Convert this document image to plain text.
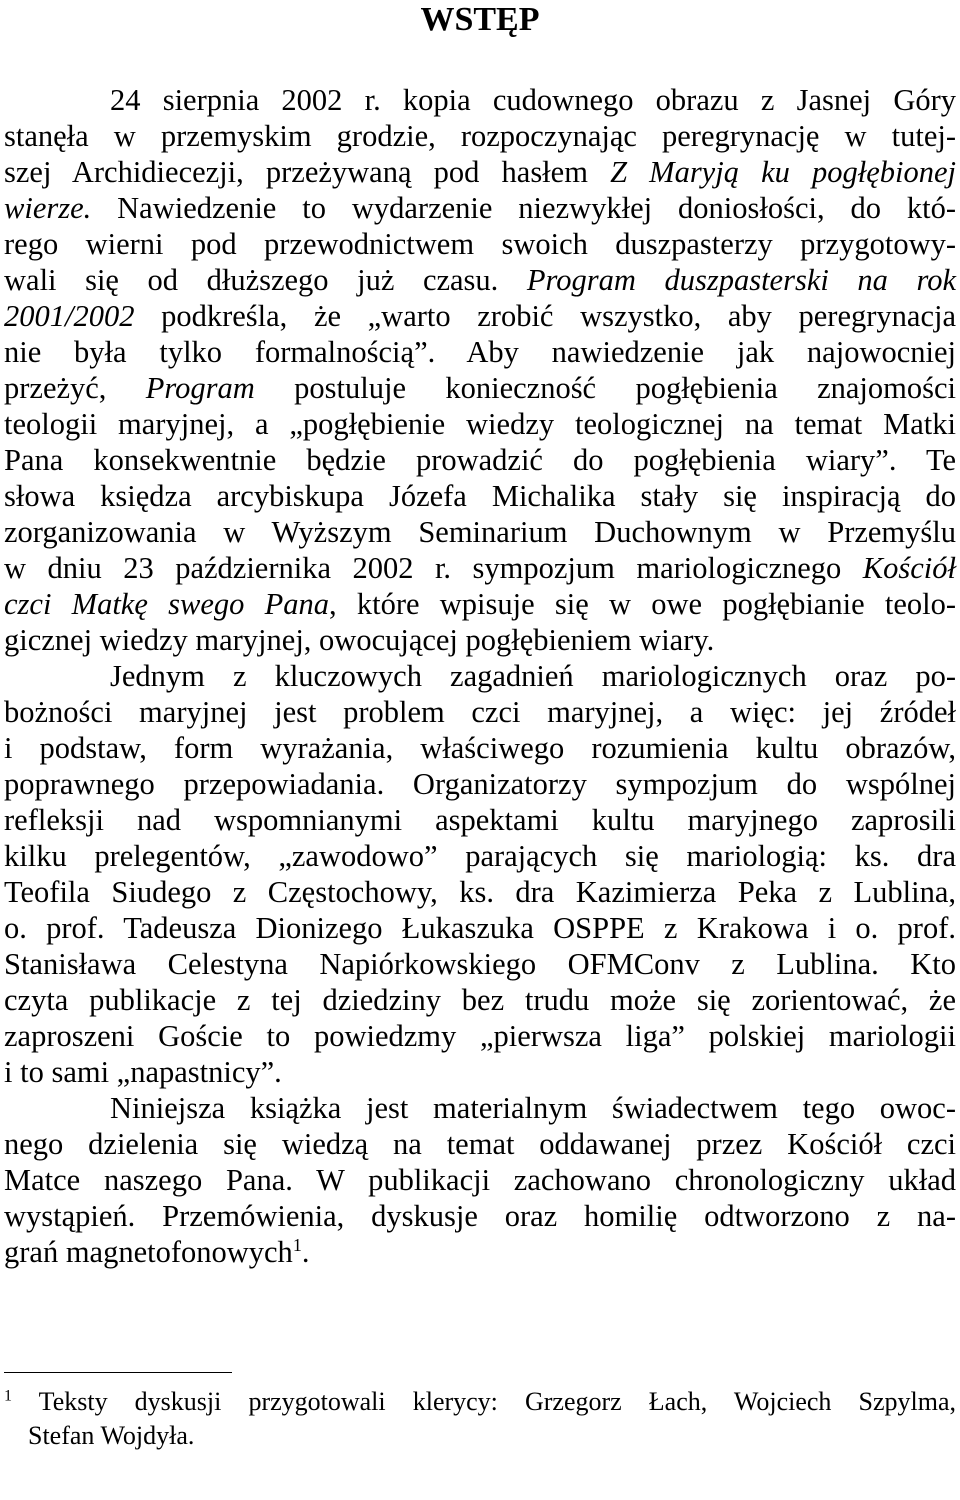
WSTĘP

24 sierpnia 2002 r. kopia cudownego obrazu z Jasnej Góry

stanęła w przemyskim grodzie, rozpoczynając peregrynację w tutej-

szej Archidiecezji, przeżywaną pod hasłem Z Maryją ku pogłębionej

wierze. Nawiedzenie to wydarzenie niezwykłej doniosłości, do któ-

rego wierni pod przewodnictwem swoich duszpasterzy przygotowy-

wali się od dłuższego już czasu. Program duszpasterski na rok

2001/2002 podkreśla, że „warto zrobić wszystko, aby peregrynacja

nie była tylko formalnością”. Aby nawiedzenie jak najowocniej

przeżyć, Program postuluje konieczność pogłębienia znajomości

teologii maryjnej, a „pogłębienie wiedzy teologicznej na temat Matki

Pana konsekwentnie będzie prowadzić do pogłębienia wiary”. Te

słowa księdza arcybiskupa Józefa Michalika stały się inspiracją do

zorganizowania w Wyższym Seminarium Duchownym w Przemyślu

w dniu 23 października 2002 r. sympozjum mariologicznego Kościół

czci Matkę swego Pana, które wpisuje się w owe pogłębianie teolo-

gicznej wiedzy maryjnej, owocującej pogłębieniem wiary.

Jednym z kluczowych zagadnień mariologicznych oraz po-

bożności maryjnej jest problem czci maryjnej, a więc: jej źródeł

i podstaw, form wyrażania, właściwego rozumienia kultu obrazów,

poprawnego przepowiadania. Organizatorzy sympozjum do wspólnej

refleksji nad wspomnianymi aspektami kultu maryjnego zaprosili

kilku prelegentów, „zawodowo” parających się mariologią: ks. dra

Teofila Siudego z Częstochowy, ks. dra Kazimierza Peka z Lublina,

o. prof. Tadeusza Dionizego Łukaszuka OSPPE z Krakowa i o. prof.

Stanisława Celestyna Napiórkowskiego OFMConv z Lublina. Kto

czyta publikacje z tej dziedziny bez trudu może się zorientować, że

zaproszeni Goście to powiedzmy „pierwsza liga” polskiej mariologii

i to sami „napastnicy”.

Niniejsza książka jest materialnym świadectwem tego owoc-

nego dzielenia się wiedzą na temat oddawanej przez Kościół czci

Matce naszego Pana. W publikacji zachowano chronologiczny układ

wystąpień. Przemówienia, dyskusje oraz homilię odtworzono z na-

grań magnetofonowych$^1$.

$^1$ Teksty dyskusji przygotowali klerycy: Grzegorz Łach, Wojciech Szpylma,

Stefan Wojdyła.
